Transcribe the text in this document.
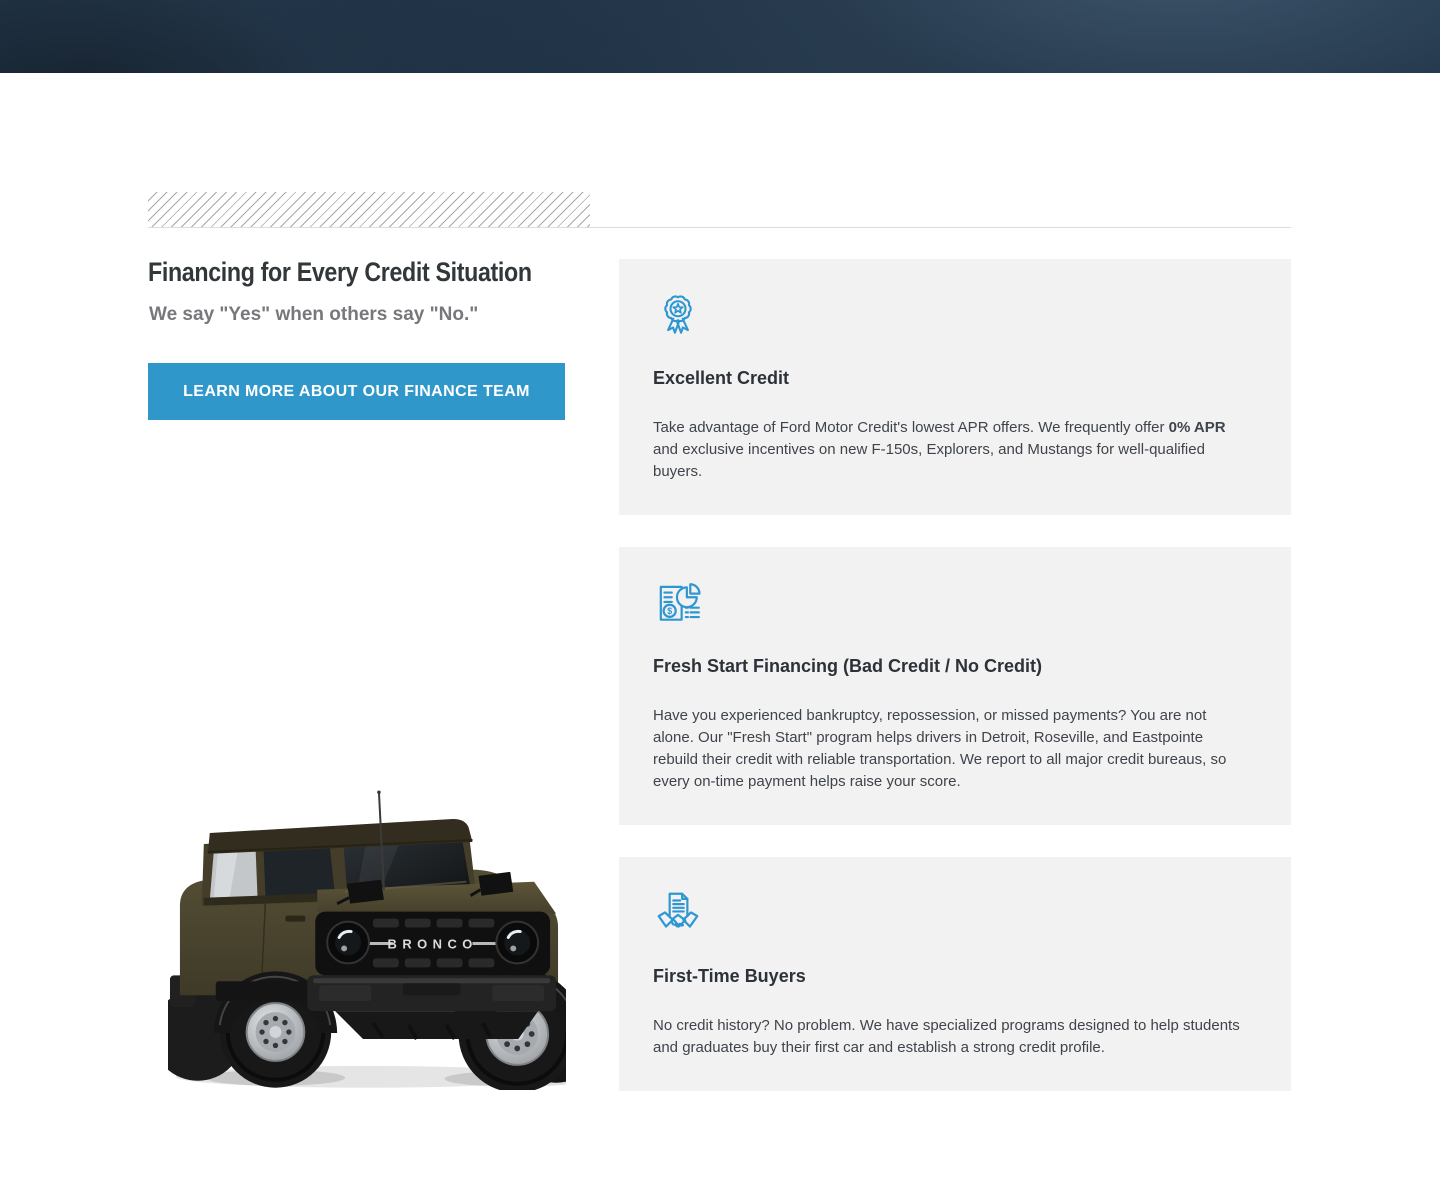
Financing for Every Credit Situation
We say "Yes" when others say "No."
LEARN MORE ABOUT OUR FINANCE TEAM
BRONCO
Excellent Credit
Take advantage of Ford Motor Credit's lowest APR offers. We frequently offer 0% APR and exclusive incentives on new F-150s, Explorers, and Mustangs for well-qualified buyers.
$
Fresh Start Financing (Bad Credit / No Credit)
Have you experienced bankruptcy, repossession, or missed payments? You are not alone. Our "Fresh Start" program helps drivers in Detroit, Roseville, and Eastpointe rebuild their credit with reliable transportation. We report to all major credit bureaus, so every on-time payment helps raise your score.
First-Time Buyers
No credit history? No problem. We have specialized programs designed to help students and graduates buy their first car and establish a strong credit profile.
